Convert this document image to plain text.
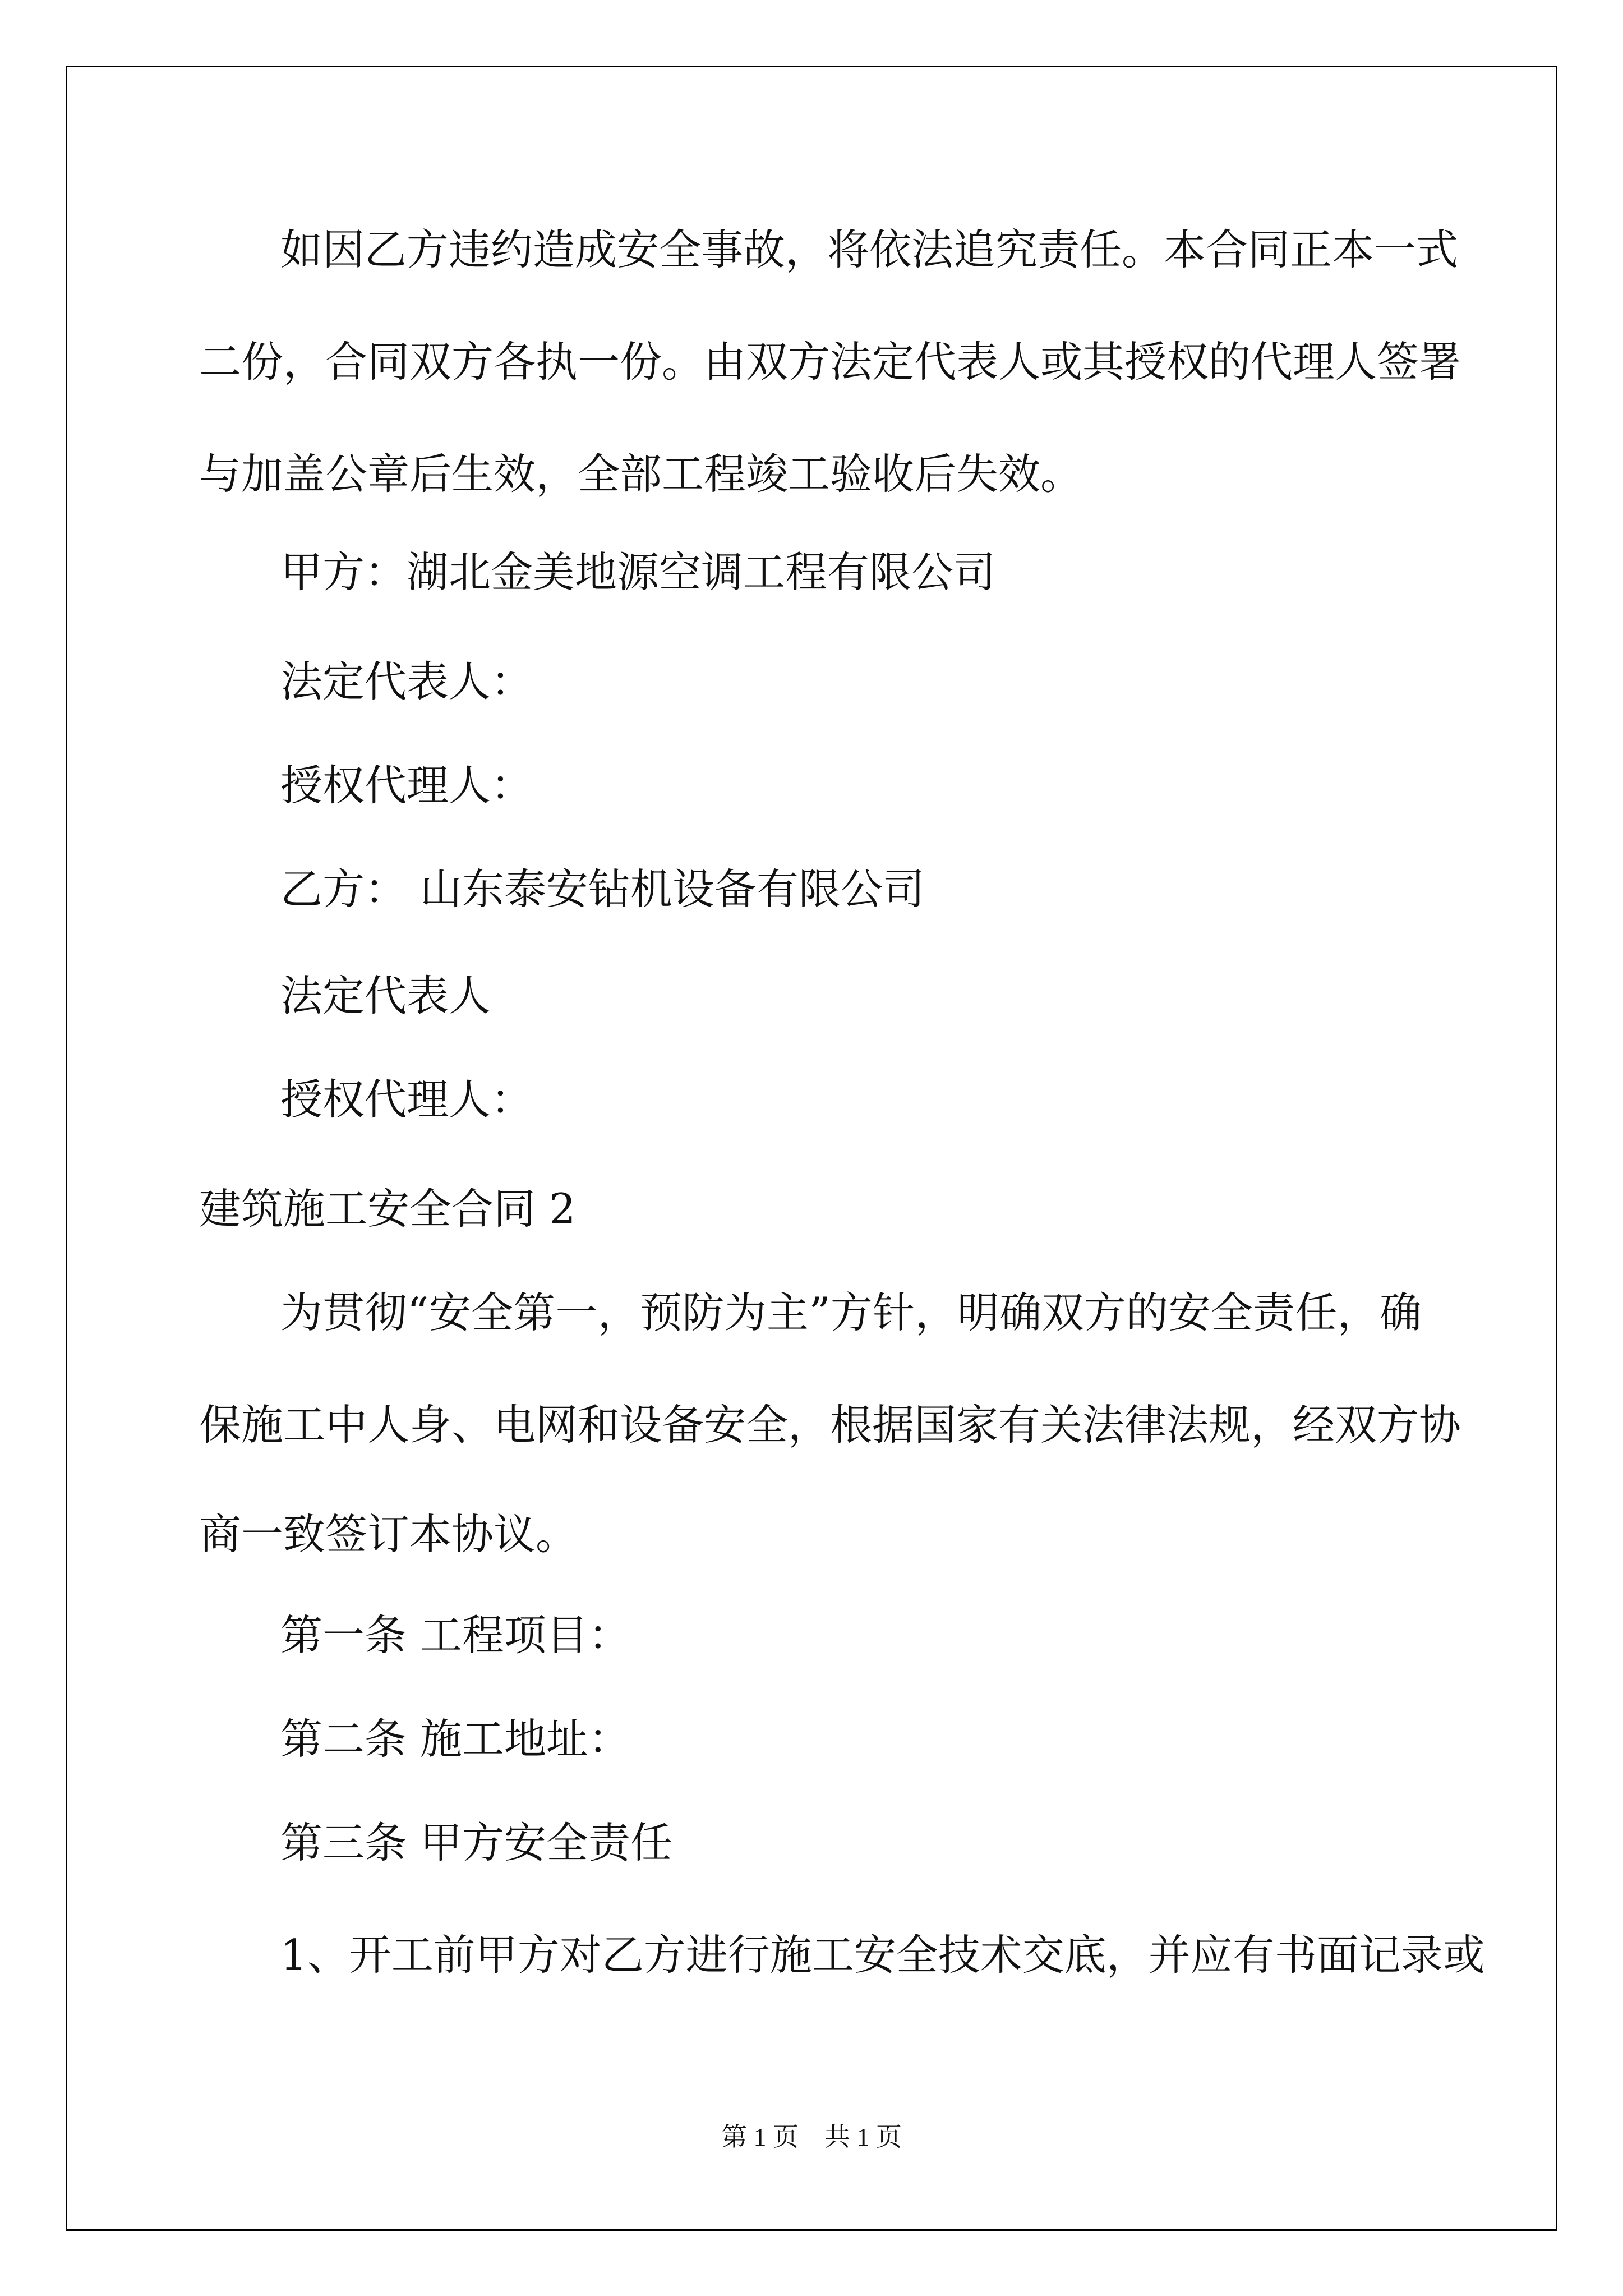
如因乙方违约造成安全事故，将依法追究责任。本合同正本一式
二份，合同双方各执一份。由双方法定代表人或其授权的代理人签署
与加盖公章后生效，全部工程竣工验收后失效。
甲方：湖北金美地源空调工程有限公司
法定代表人：
授权代理人：
乙方： 山东泰安钻机设备有限公司
法定代表人
授权代理人：
建筑施工安全合同 2
为贯彻“安全第一，预防为主”方针，明确双方的安全责任，确
保施工中人身、电网和设备安全，根据国家有关法律法规，经双方协
商一致签订本协议。
第一条 工程项目：
第二条 施工地址：
第三条 甲方安全责任
1、开工前甲方对乙方进行施工安全技术交底，并应有书面记录或
第 1 页    共 1 页
